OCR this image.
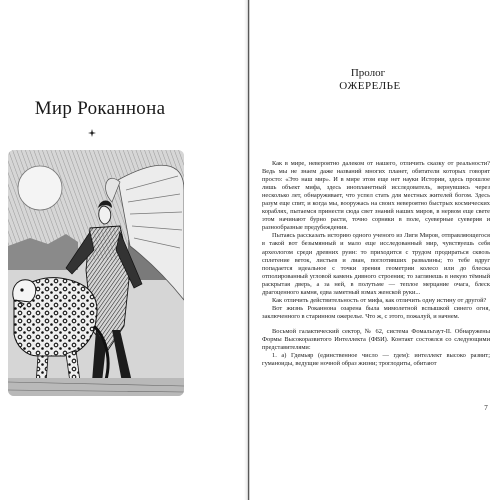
Мир Роканнона
Пролог
ОЖЕРЕЛЬЕ

Как в мире, невероятно далеком от нашего, отличить сказку от реальности? Ведь мы не знаем даже названий многих планет, обитатели которых говорят просто: «Это наш мир». И в мире этом еще нет науки Истории, здесь прошлое лишь объект мифа, здесь инопланетный исследователь, вернувшись через несколько лет, обнаруживает, что успел стать для местных жителей богом. Здесь разум еще спит, и когда мы, вооружась на своих невероятно быстрых космических кораблях, пытаемся принести сюда свет знаний наших миров, в нервом еще свете этом начинают бурно расти, точно сорняки в поле, суеверные суеверия и разнообразные предубеждения.

Пытаясь рассказать историю одного ученого из Лиги Миров, отправляющегося в такой вот безымянный и мало еще исследованный мир, чувствуешь себя археологом среди древних руин: то приходится с трудом продираться сквозь сплетение веток, листьев и лиан, поглотивших развалины; то тебе вдруг попадается идеальное с точки зрения геометрии колесо или до блеска отполированный угловой камень дивного строения; то заглянешь в некую тёмный раскрытая дверь, а за ней, в полутьме — теплое мерцание очага, блеск драгоценного камня, едва заметный взмах женской руки...

Как отличить действительность от мифа, как отличить одну истину от другой?

Вот жизнь Роканнона озарена была мимолетной вспышкой синего огня, заключенного в старинном ожерелье. Что ж, с этого, пожалуй, и начнем.

Восьмой галактический сектор, № 62, система Фомальгаут-II. Обнаружены Формы Высокоразвитого Интеллекта (ФВИ). Контакт состоялся со следующими представителями:

1. а) Гдемьяр (единственное число — гдем): интеллект высоко развит; гуманоиды, ведущие ночной образ жизни; троглодиты, обитают

7
